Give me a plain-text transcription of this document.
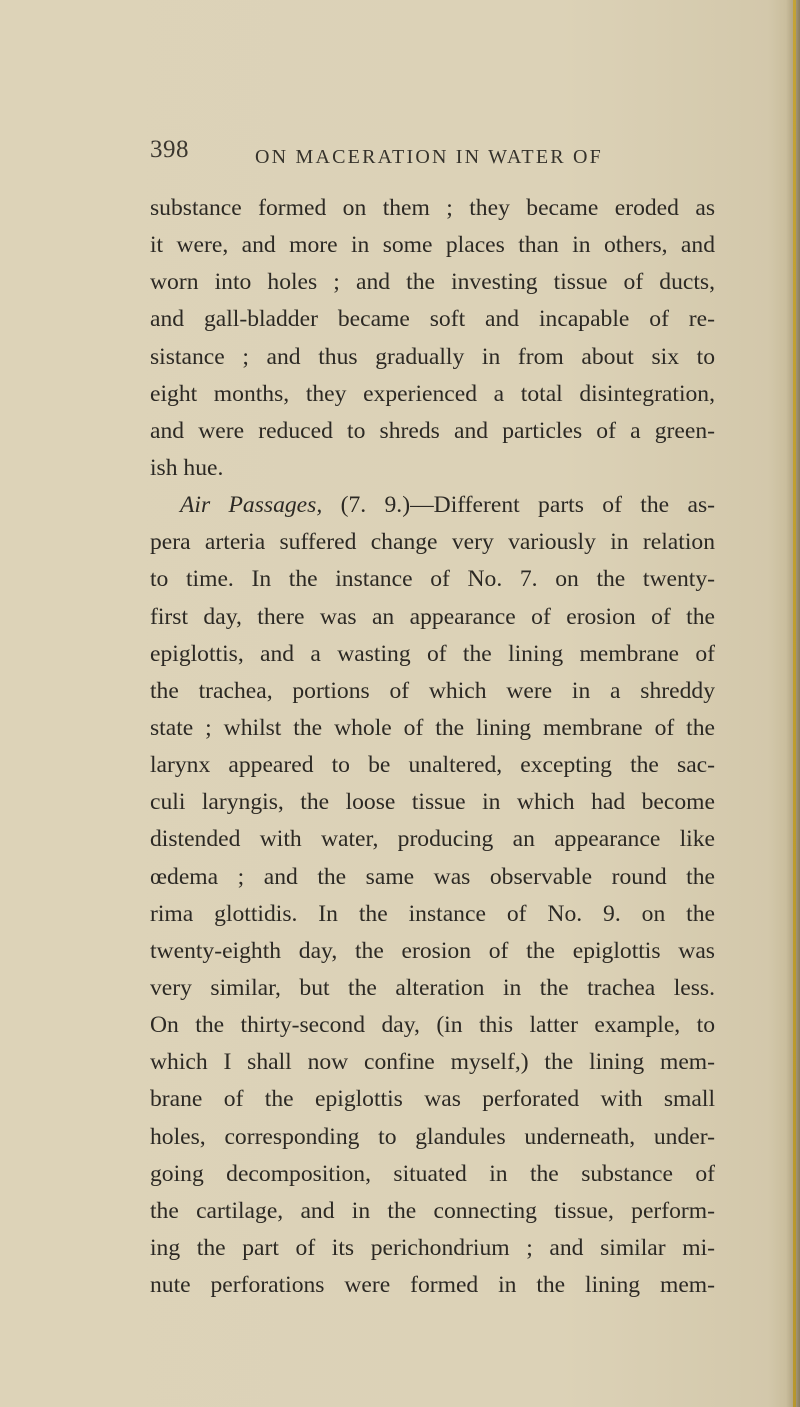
398	ON MACERATION IN WATER OF
substance formed on them ; they became eroded as
it were, and more in some places than in others, and
worn into holes ; and the investing tissue of ducts,
and gall-bladder became soft and incapable of re-
sistance ; and thus gradually in from about six to
eight months, they experienced a total disintegration,
and were reduced to shreds and particles of a green-
ish hue.
Air Passages, (7. 9.)—Different parts of the as-
pera arteria suffered change very variously in relation
to time. In the instance of No. 7. on the twenty-
first day, there was an appearance of erosion of the
epiglottis, and a wasting of the lining membrane of
the trachea, portions of which were in a shreddy
state ; whilst the whole of the lining membrane of the
larynx appeared to be unaltered, excepting the sac-
culi laryngis, the loose tissue in which had become
distended with water, producing an appearance like
œdema ; and the same was observable round the
rima glottidis. In the instance of No. 9. on the
twenty-eighth day, the erosion of the epiglottis was
very similar, but the alteration in the trachea less.
On the thirty-second day, (in this latter example, to
which I shall now confine myself,) the lining mem-
brane of the epiglottis was perforated with small
holes, corresponding to glandules underneath, under-
going decomposition, situated in the substance of
the cartilage, and in the connecting tissue, perform-
ing the part of its perichondrium ; and similar mi-
nute perforations were formed in the lining mem-
